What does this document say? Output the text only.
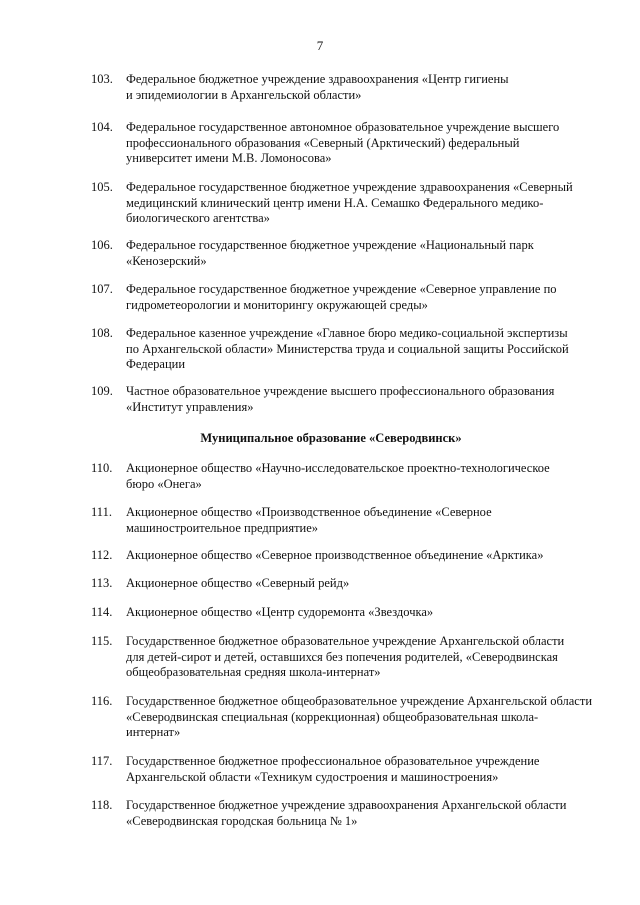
7
103.	Федеральное бюджетное учреждение здравоохранения «Центр гигиены
и эпидемиологии в Архангельской области»
104.	Федеральное государственное автономное образовательное учреждение высшего
профессионального образования «Северный (Арктический) федеральный
университет имени М.В. Ломоносова»
105.	Федеральное государственное бюджетное учреждение здравоохранения «Северный
медицинский клинический центр имени Н.А. Семашко Федерального медико-
биологического агентства»
106.	Федеральное государственное бюджетное учреждение «Национальный парк
«Кенозерский»
107.	Федеральное государственное бюджетное учреждение «Северное управление по
гидрометеорологии и мониторингу окружающей среды»
108.	Федеральное казенное учреждение «Главное бюро медико-социальной экспертизы
по Архангельской области» Министерства труда и социальной защиты Российской
Федерации
109.	Частное образовательное учреждение высшего профессионального образования
«Институт управления»
Муниципальное образование «Северодвинск»
110.	Акционерное общество «Научно-исследовательское проектно-технологическое
бюро «Онега»
111.	Акционерное общество «Производственное объединение «Северное
машиностроительное предприятие»
112.	Акционерное общество «Северное производственное объединение «Арктика»
113.	Акционерное общество «Северный рейд»
114.	Акционерное общество «Центр судоремонта «Звездочка»
115.	Государственное бюджетное образовательное учреждение Архангельской области
для детей-сирот и детей, оставшихся без попечения родителей, «Северодвинская
общеобразовательная средняя школа-интернат»
116.	Государственное бюджетное общеобразовательное учреждение Архангельской области
«Северодвинская специальная (коррекционная) общеобразовательная школа-
интернат»
117.	Государственное бюджетное профессиональное образовательное учреждение
Архангельской области «Техникум судостроения и машиностроения»
118.	Государственное бюджетное учреждение здравоохранения Архангельской области
«Северодвинская городская больница № 1»
